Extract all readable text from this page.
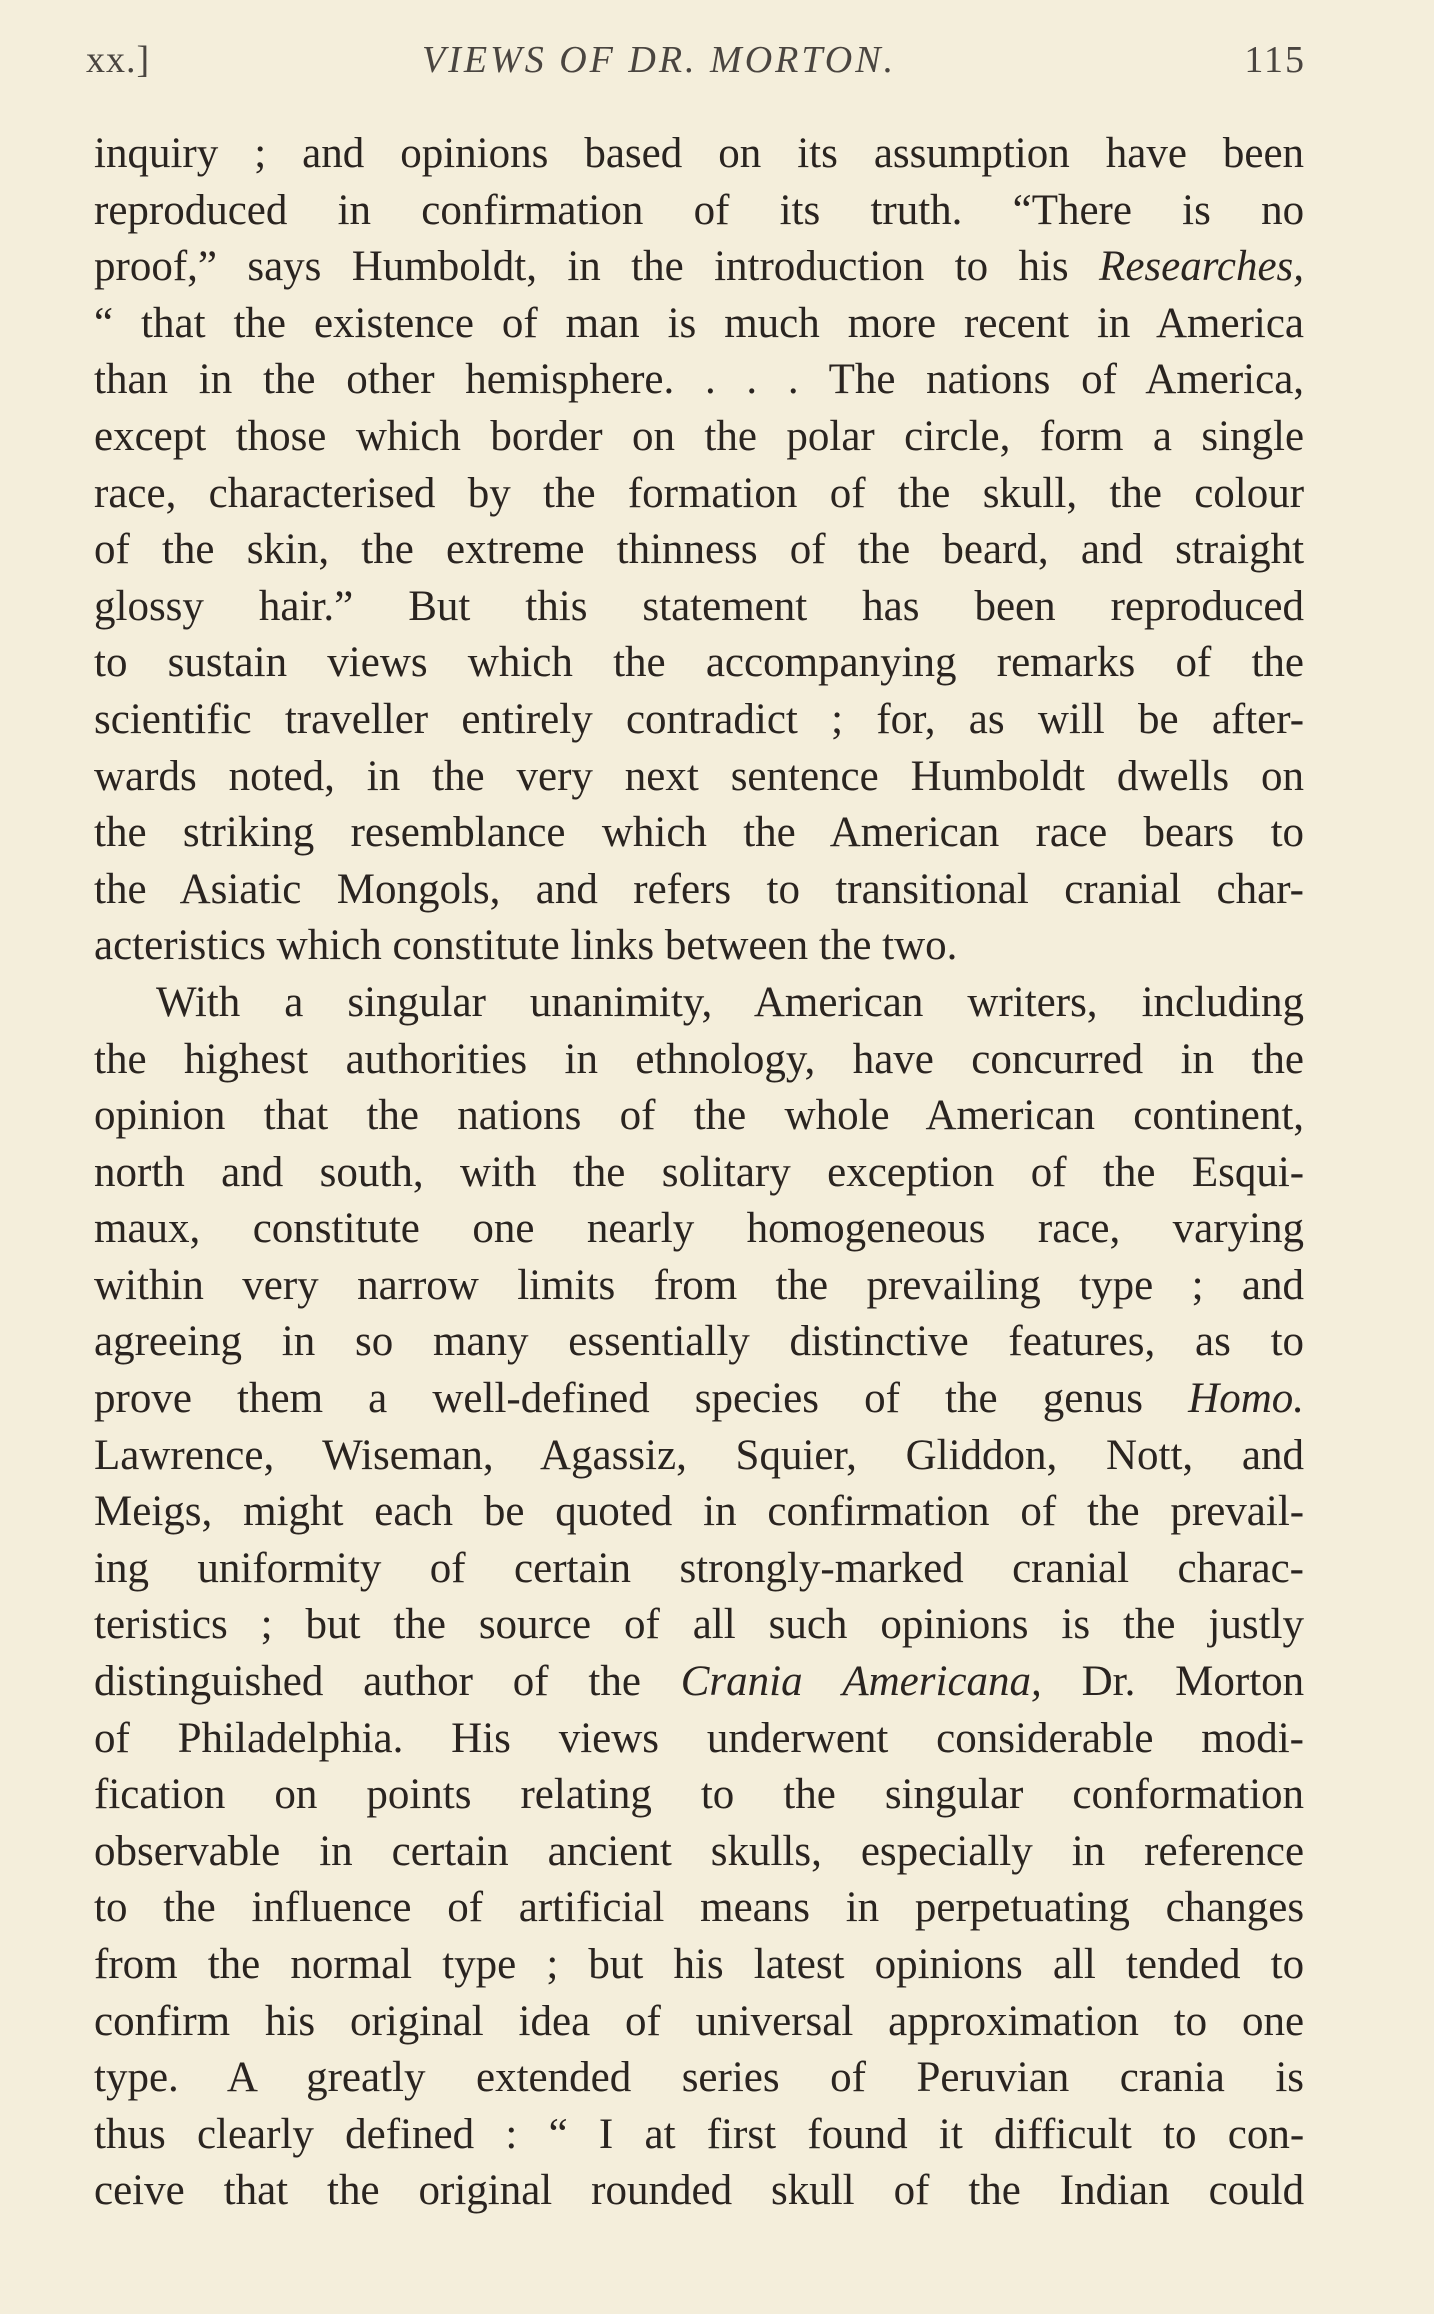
xx.]	VIEWS OF DR. MORTON.	115
inquiry ; and opinions based on its assumption have been
reproduced in confirmation of its truth. “There is no
proof,” says Humboldt, in the introduction to his Researches,
“ that the existence of man is much more recent in America
than in the other hemisphere. . . . The nations of America,
except those which border on the polar circle, form a single
race, characterised by the formation of the skull, the colour
of the skin, the extreme thinness of the beard, and straight
glossy hair.” But this statement has been reproduced
to sustain views which the accompanying remarks of the
scientific traveller entirely contradict ; for, as will be after-
wards noted, in the very next sentence Humboldt dwells on
the striking resemblance which the American race bears to
the Asiatic Mongols, and refers to transitional cranial char-
acteristics which constitute links between the two.
With a singular unanimity, American writers, including
the highest authorities in ethnology, have concurred in the
opinion that the nations of the whole American continent,
north and south, with the solitary exception of the Esqui-
maux, constitute one nearly homogeneous race, varying
within very narrow limits from the prevailing type ; and
agreeing in so many essentially distinctive features, as to
prove them a well-defined species of the genus Homo.
Lawrence, Wiseman, Agassiz, Squier, Gliddon, Nott, and
Meigs, might each be quoted in confirmation of the prevail-
ing uniformity of certain strongly-marked cranial charac-
teristics ; but the source of all such opinions is the justly
distinguished author of the Crania Americana, Dr. Morton
of Philadelphia. His views underwent considerable modi-
fication on points relating to the singular conformation
observable in certain ancient skulls, especially in reference
to the influence of artificial means in perpetuating changes
from the normal type ; but his latest opinions all tended to
confirm his original idea of universal approximation to one
type. A greatly extended series of Peruvian crania is
thus clearly defined : “ I at first found it difficult to con-
ceive that the original rounded skull of the Indian could
